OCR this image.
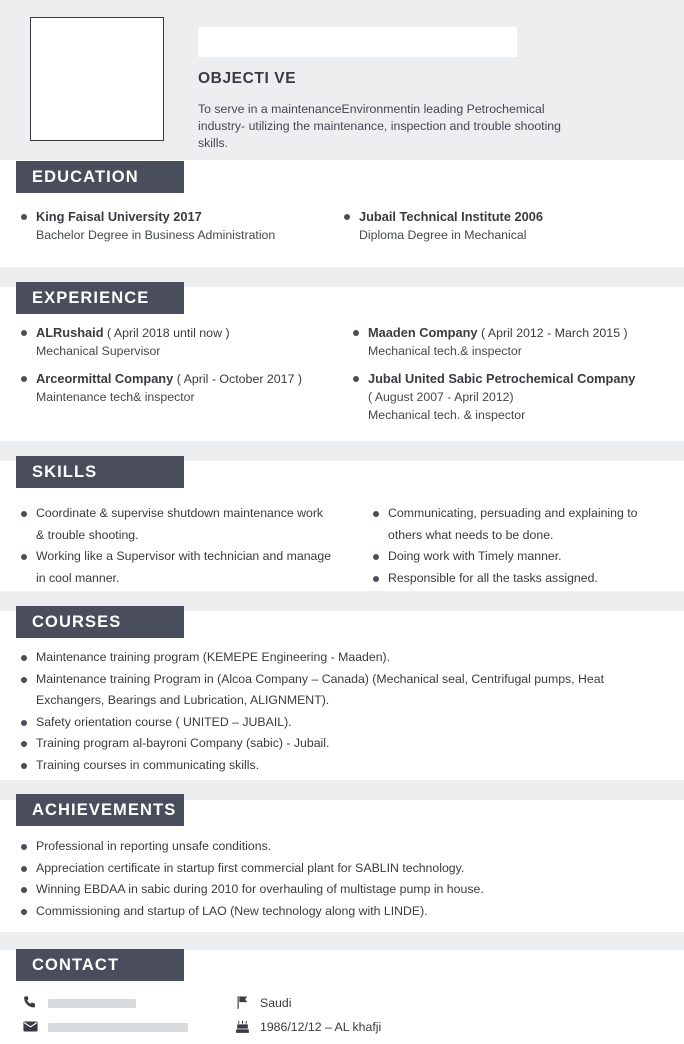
OBJECTI VE
To serve in a maintenanceEnvironmentin leading Petrochemical industry- utilizing the maintenance, inspection and trouble shooting skills.
EDUCATION
King Faisal University 2017
Bachelor Degree in Business Administration
Jubail Technical Institute 2006
Diploma Degree in Mechanical
EXPERIENCE
ALRushaid ( April 2018 until now )
Mechanical Supervisor
Arceormittal Company ( April - October 2017 )
Maintenance tech& inspector
Maaden Company ( April 2012 - March 2015 )
Mechanical tech.& inspector
Jubal United Sabic Petrochemical Company
( August 2007 - April 2012)
Mechanical tech. & inspector
SKILLS
Coordinate & supervise shutdown maintenance work
& trouble shooting.
Working like a Supervisor with technician and manage
in cool manner.
Communicating, persuading and explaining to
others what needs to be done.
Doing work with Timely manner.
Responsible for all the tasks assigned.
COURSES
Maintenance training program (KEMEPE Engineering - Maaden).
Maintenance training Program in (Alcoa Company – Canada) (Mechanical seal, Centrifugal pumps, Heat
Exchangers, Bearings and Lubrication, ALIGNMENT).
Safety orientation course ( UNITED – JUBAIL).
Training program al-bayroni Company (sabic) - Jubail.
Training courses in communicating skills.
ACHIEVEMENTS
Professional in reporting unsafe conditions.
Appreciation certificate in startup first commercial plant for SABLIN technology.
Winning EBDAA in sabic during 2010 for overhauling of multistage pump in house.
Commissioning and startup of LAO (New technology along with LINDE).
CONTACT
Saudi
1986/12/12 – AL khafji
